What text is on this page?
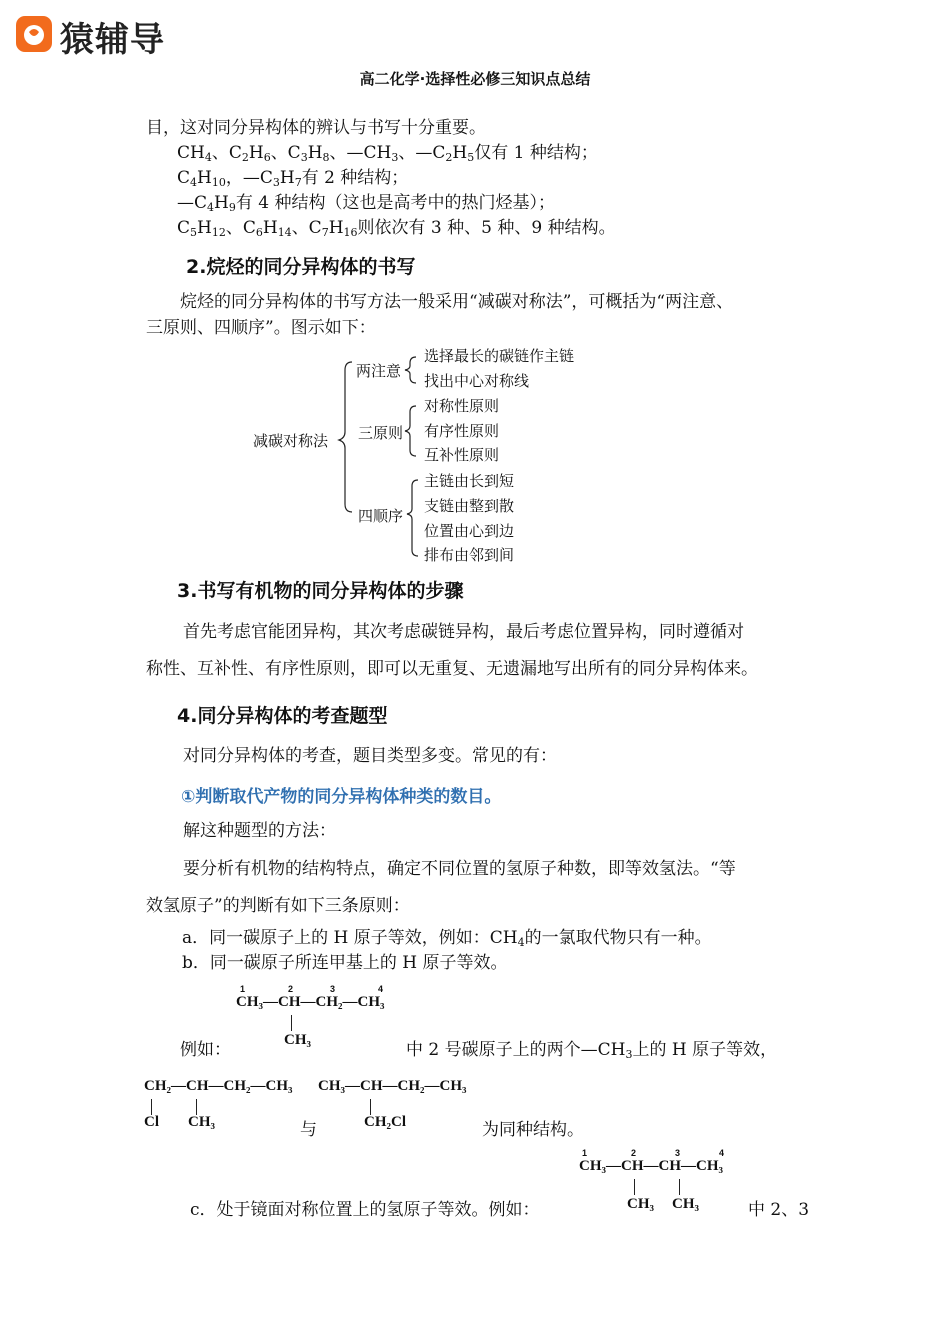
猿辅导
高二化学·选择性必修三知识点总结
目，这对同分异构体的辨认与书写十分重要。
$CH_4$、$C_2H_6$、$C_3H_8$、$—CH_3$、$—C_2H_5$仅有 1 种结构；
$C_4H_{10}$，$—C_3H_7$有 2 种结构；
$—C_4H_9$有 4 种结构（这也是高考中的热门烃基）；
$C_5H_{12}$、$C_6H_{14}$、$C_7H_{16}$则依次有 3 种、5 种、9 种结构。
2.烷烃的同分异构体的书写
烷烃的同分异构体的书写方法一般采用“减碳对称法”，可概括为“两注意、
三原则、四顺序”。图示如下：
减碳对称法
两注意
选择最长的碳链作主链
找出中心对称线
三原则
对称性原则
有序性原则
互补性原则
四顺序
主链由长到短
支链由整到散
位置由心到边
排布由邻到间
3.书写有机物的同分异构体的步骤
首先考虑官能团异构，其次考虑碳链异构，最后考虑位置异构，同时遵循对
称性、互补性、有序性原则，即可以无重复、无遗漏地写出所有的同分异构体来。
4.同分异构体的考查题型
对同分异构体的考查，题目类型多变。常见的有：
①判断取代产物的同分异构体种类的数目。
解这种题型的方法：
要分析有机物的结构特点，确定不同位置的氢原子种数，即等效氢法。“等
效氢原子”的判断有如下三条原则：
a．同一碳原子上的 H 原子等效，例如：$CH_4$的一氯取代物只有一种。
b．同一碳原子所连甲基上的 H 原子等效。
1	2	3	4
CH₃—CH—CH₂—CH₃
CH₃
例如：	中 2 号碳原子上的两个$—CH_3$上的 H 原子等效，
CH₂—CH—CH₂—CH₃
Cl CH₃
CH₃—CH—CH₂—CH₃
CH₂Cl
与	为同种结构。
1	2	3	4
CH₃—CH—CH—CH₃
CH₃ CH₃
c．处于镜面对称位置上的氢原子等效。例如：	中 2、3
